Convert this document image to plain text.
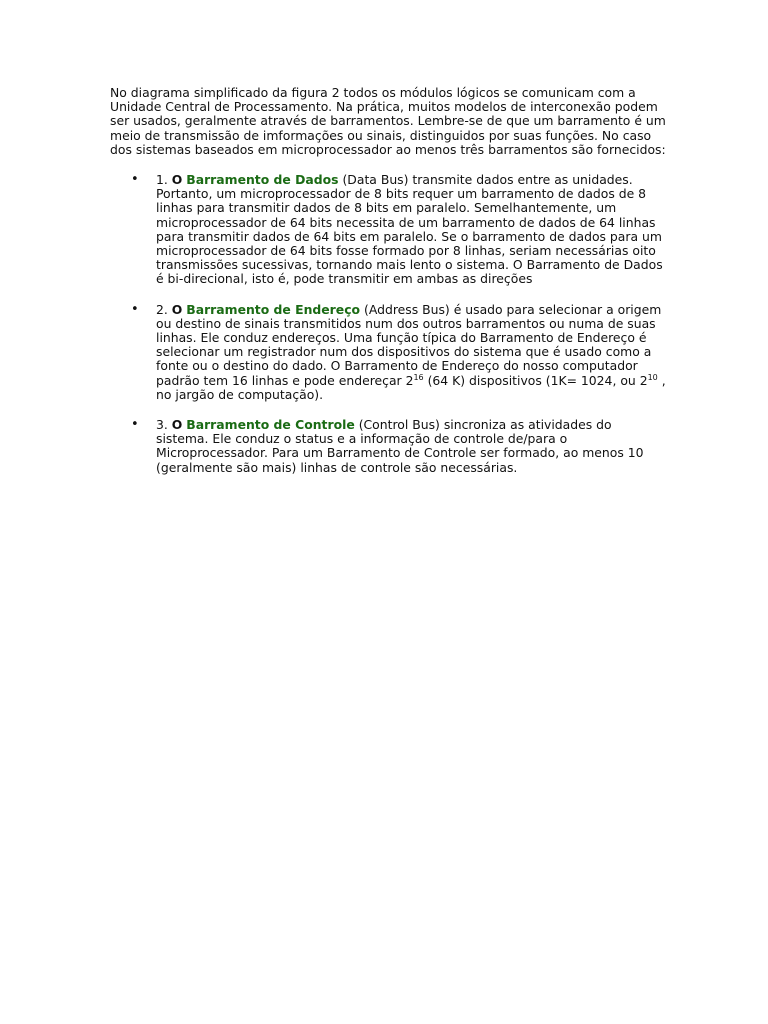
No diagrama simplificado da figura 2 todos os módulos lógicos se comunicam com a Unidade Central de Processamento. Na prática, muitos modelos de interconexão podem ser usados, geralmente através de barramentos. Lembre-se de que um barramento é um meio de transmissão de imformações ou sinais, distinguidos por suas funções. No caso dos sistemas baseados em microprocessador ao menos três barramentos são fornecidos:

• 1. O Barramento de Dados (Data Bus) transmite dados entre as unidades. Portanto, um microprocessador de 8 bits requer um barramento de dados de 8 linhas para transmitir dados de 8 bits em paralelo. Semelhantemente, um microprocessador de 64 bits necessita de um barramento de dados de 64 linhas para transmitir dados de 64 bits em paralelo. Se o barramento de dados para um microprocessador de 64 bits fosse formado por 8 linhas, seriam necessárias oito transmissões sucessivas, tornando mais lento o sistema. O Barramento de Dados é bi-direcional, isto é, pode transmitir em ambas as direções
• 2. O Barramento de Endereço (Address Bus) é usado para selecionar a origem ou destino de sinais transmitidos num dos outros barramentos ou numa de suas linhas. Ele conduz endereços. Uma função típica do Barramento de Endereço é selecionar um registrador num dos dispositivos do sistema que é usado como a fonte ou o destino do dado. O Barramento de Endereço do nosso computador padrão tem 16 linhas e pode endereçar $2^{16}$ (64 K) dispositivos (1K= 1024, ou $2^{10}$ , no jargão de computação).
• 3. O Barramento de Controle (Control Bus) sincroniza as atividades do sistema. Ele conduz o status e a informação de controle de/para o Microprocessador. Para um Barramento de Controle ser formado, ao menos 10 (geralmente são mais) linhas de controle são necessárias.
